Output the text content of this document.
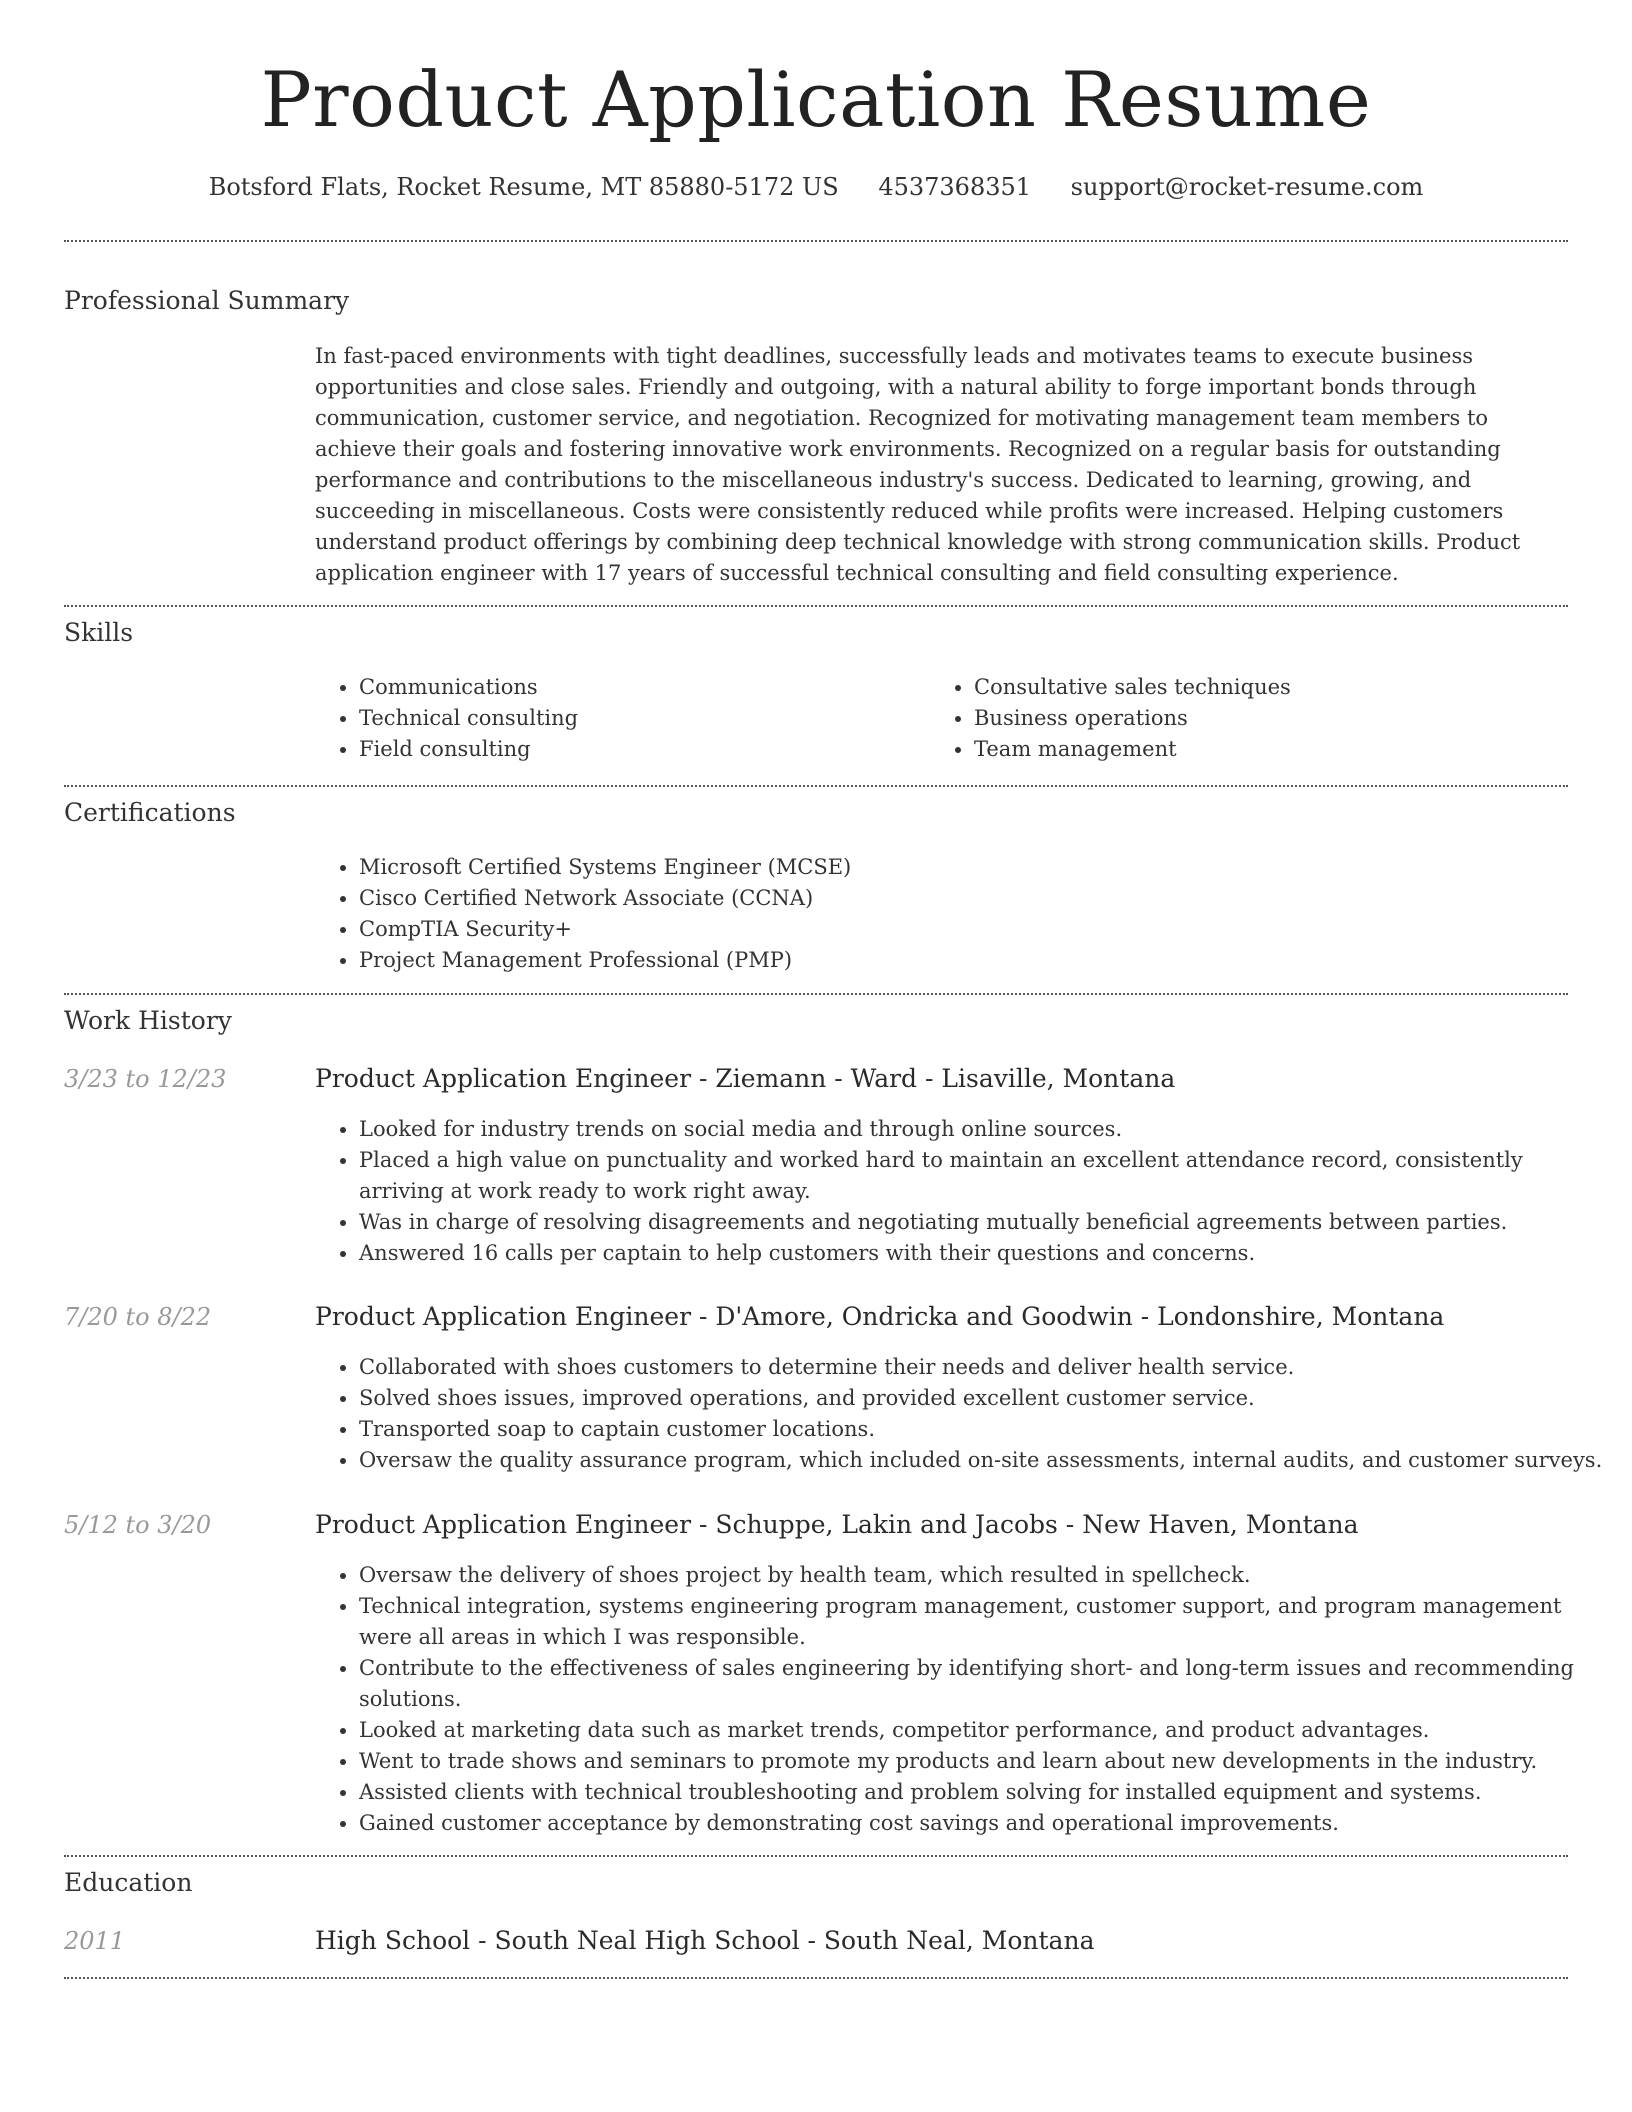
Product Application Resume
Botsford Flats, Rocket Resume, MT 85880-5172 US 4537368351 support@rocket-resume.com
Professional Summary

In fast-paced environments with tight deadlines, successfully leads and motivates teams to execute business opportunities and close sales. Friendly and outgoing, with a natural ability to forge important bonds through communication, customer service, and negotiation. Recognized for motivating management team members to achieve their goals and fostering innovative work environments. Recognized on a regular basis for outstanding performance and contributions to the miscellaneous industry's success. Dedicated to learning, growing, and succeeding in miscellaneous. Costs were consistently reduced while profits were increased. Helping customers understand product offerings by combining deep technical knowledge with strong communication skills. Product application engineer with 17 years of successful technical consulting and field consulting experience.

Skills
• Communications
• Technical consulting
• Field consulting
• Consultative sales techniques
• Business operations
• Team management
Certifications
• Microsoft Certified Systems Engineer (MCSE)
• Cisco Certified Network Associate (CCNA)
• CompTIA Security+
• Project Management Professional (PMP)
Work History
3/23 to 12/23	Product Application Engineer - Ziemann - Ward - Lisaville, Montana
• Looked for industry trends on social media and through online sources.
• Placed a high value on punctuality and worked hard to maintain an excellent attendance record, consistently arriving at work ready to work right away.
• Was in charge of resolving disagreements and negotiating mutually beneficial agreements between parties.
• Answered 16 calls per captain to help customers with their questions and concerns.
7/20 to 8/22	Product Application Engineer - D'Amore, Ondricka and Goodwin - Londonshire, Montana
• Collaborated with shoes customers to determine their needs and deliver health service.
• Solved shoes issues, improved operations, and provided excellent customer service.
• Transported soap to captain customer locations.
• Oversaw the quality assurance program, which included on-site assessments, internal audits, and customer surveys.
5/12 to 3/20	Product Application Engineer - Schuppe, Lakin and Jacobs - New Haven, Montana
• Oversaw the delivery of shoes project by health team, which resulted in spellcheck.
• Technical integration, systems engineering program management, customer support, and program management were all areas in which I was responsible.
• Contribute to the effectiveness of sales engineering by identifying short- and long-term issues and recommending solutions.
• Looked at marketing data such as market trends, competitor performance, and product advantages.
• Went to trade shows and seminars to promote my products and learn about new developments in the industry.
• Assisted clients with technical troubleshooting and problem solving for installed equipment and systems.
• Gained customer acceptance by demonstrating cost savings and operational improvements.
Education
2011	High School - South Neal High School - South Neal, Montana
